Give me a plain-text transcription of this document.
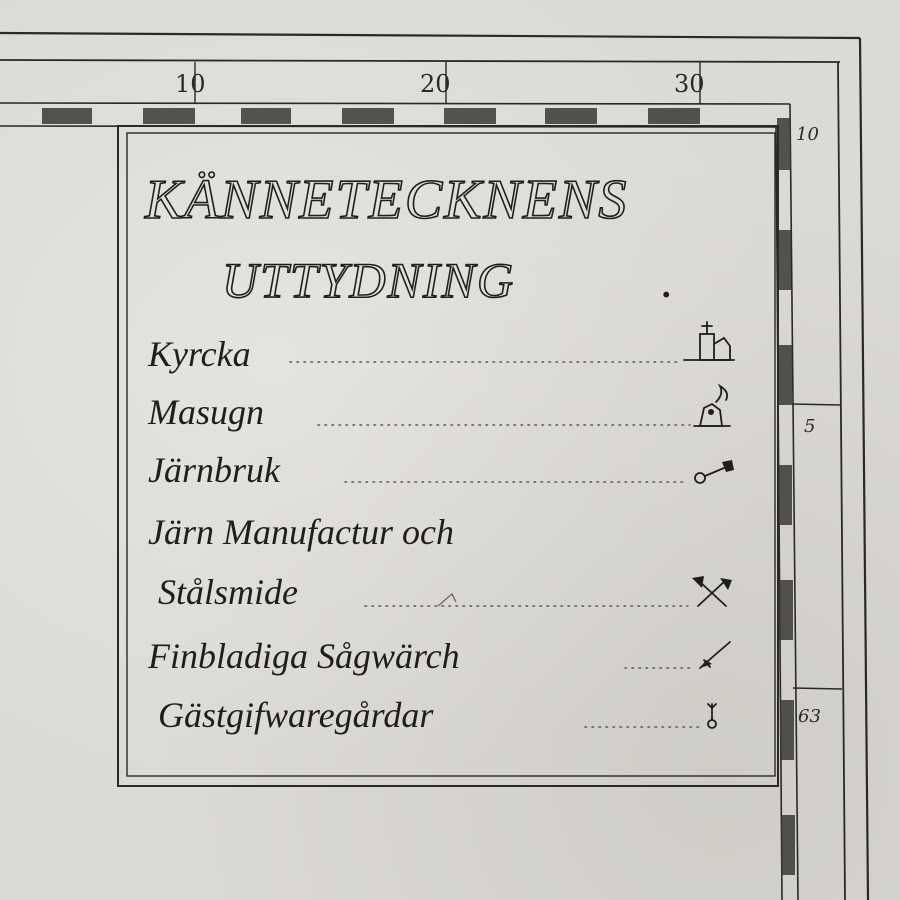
10	20	30
10
5
63
KÄNNETECKNENS
UTTYDNING	.
Kyrcka
Masugn
Järnbruk
Järn Manufactur och
Stålsmide
Finbladiga Sågwärch
Gästgifwaregårdar
